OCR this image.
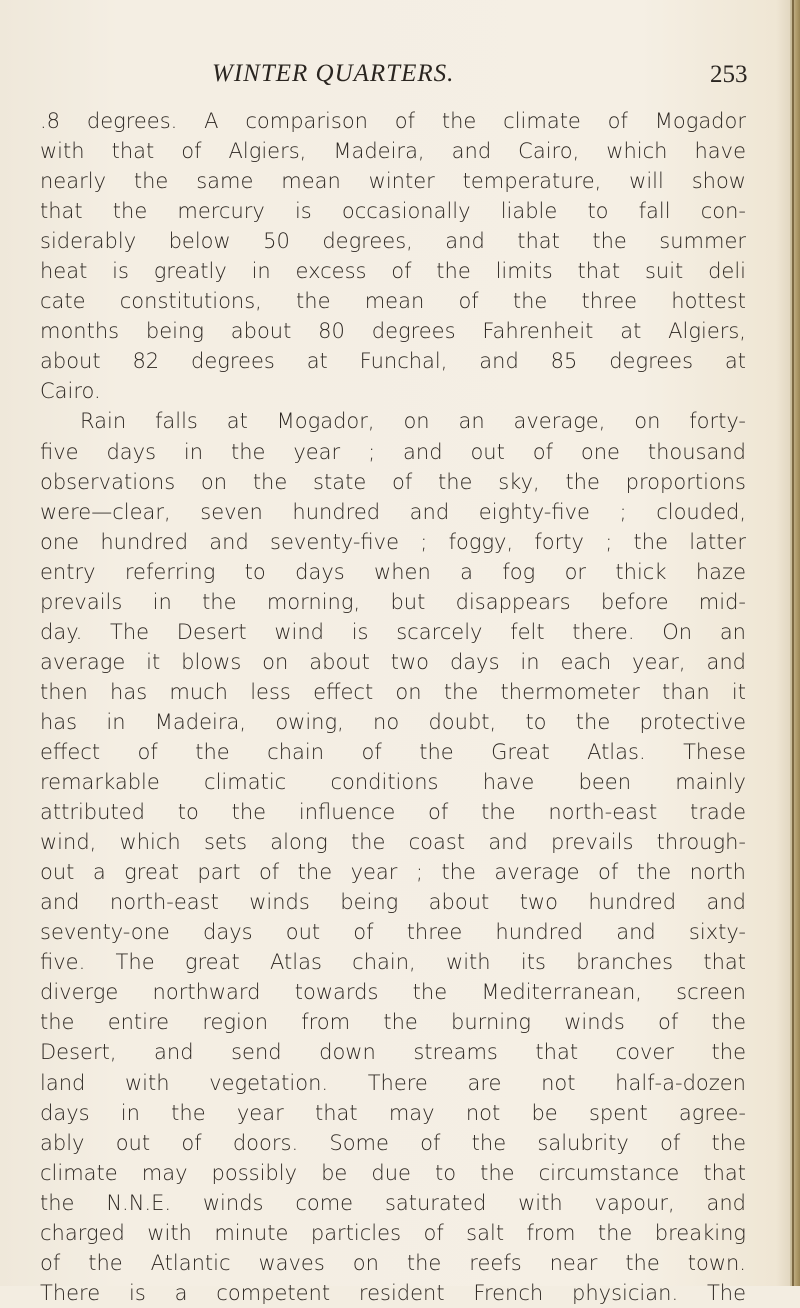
WINTER QUARTERS.	253
.8 degrees. A comparison of the climate of Mogador
with that of Algiers, Madeira, and Cairo, which have
nearly the same mean winter temperature, will show
that the mercury is occasionally liable to fall con-
siderably below 50 degrees, and that the summer
heat is greatly in excess of the limits that suit deli
cate constitutions, the mean of the three hottest
months being about 80 degrees Fahrenheit at Algiers,
about 82 degrees at Funchal, and 85 degrees at
Cairo.
Rain falls at Mogador, on an average, on forty-
five days in the year ; and out of one thousand
observations on the state of the sky, the proportions
were—clear, seven hundred and eighty-five ; clouded,
one hundred and seventy-five ; foggy, forty ; the latter
entry referring to days when a fog or thick haze
prevails in the morning, but disappears before mid-
day. The Desert wind is scarcely felt there. On an
average it blows on about two days in each year, and
then has much less effect on the thermometer than it
has in Madeira, owing, no doubt, to the protective
effect of the chain of the Great Atlas. These
remarkable climatic conditions have been mainly
attributed to the influence of the north-east trade
wind, which sets along the coast and prevails through-
out a great part of the year ; the average of the north
and north-east winds being about two hundred and
seventy-one days out of three hundred and sixty-
five. The great Atlas chain, with its branches that
diverge northward towards the Mediterranean, screen
the entire region from the burning winds of the
Desert, and send down streams that cover the
land with vegetation. There are not half-a-dozen
days in the year that may not be spent agree-
ably out of doors. Some of the salubrity of the
climate may possibly be due to the circumstance that
the N.N.E. winds come saturated with vapour, and
charged with minute particles of salt from the breaking
of the Atlantic waves on the reefs near the town.
There is a competent resident French physician. The
